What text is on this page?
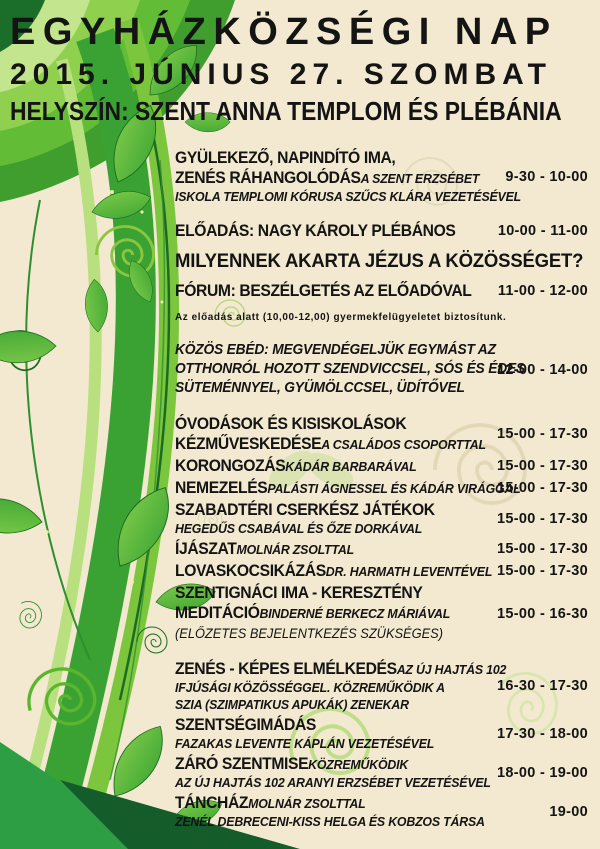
EGYHÁZKÖZSÉGI NAP
2015. JÚNIUS 27. SZOMBAT
HELYSZÍN: SZENT ANNA TEMPLOM ÉS PLÉBÁNIA
GYÜLEKEZŐ, NAPINDÍTÓ IMA,
ZENÉS RÁHANGOLÓDÁSA SZENT ERZSÉBET
ISKOLA TEMPLOMI KÓRUSA SZŰCS KLÁRA VEZETÉSÉVEL
9-30 - 10-00
ELŐADÁS: NAGY KÁROLY PLÉBÁNOS	10-00 - 11-00
MILYENNEK AKARTA JÉZUS A KÖZÖSSÉGET?
FÓRUM: BESZÉLGETÉS AZ ELŐADÓVAL 11-00 - 12-00
Az előadás alatt (10,00-12,00) gyermekfelügyeletet biztosítunk.
KÖZÖS EBÉD: MEGVENDÉGELJÜK EGYMÁST AZ
OTTHONRÓL HOZOTT SZENDVICCSEL, SÓS ÉS ÉDES
SÜTEMÉNNYEL, GYÜMÖLCCSEL, ÜDÍTŐVEL
12-00 - 14-00
ÓVODÁSOK ÉS KISISKOLÁSOK
KÉZMŰVESKEDÉSEA CSALÁDOS CSOPORTTAL
15-00 - 17-30
KORONGOZÁSKÁDÁR BARBARÁVAL	15-00 - 17-30
NEMEZELÉSPALÁSTI ÁGNESSEL ÉS KÁDÁR VIRÁGGAL
15-00 - 17-30
SZABADTÉRI CSERKÉSZ JÁTÉKOK
HEGEDŰS CSABÁVAL ÉS ŐZE DORKÁVAL
15-00 - 17-30
ÍJÁSZATMOLNÁR ZSOLTTAL	15-00 - 17-30
LOVASKOCSIKÁZÁSDR. HARMATH LEVENTÉVEL 15-00 - 17-30
SZENTIGNÁCI IMA - KERESZTÉNY
MEDITÁCIÓBINDERNÉ BERKECZ MÁRIÁVAL	15-00 - 16-30
(ELŐZETES BEJELENTKEZÉS SZÜKSÉGES)
ZENÉS - KÉPES ELMÉLKEDÉSAZ ÚJ HAJTÁS 102
IFJÚSÁGI KÖZÖSSÉGGEL. KÖZREMŰKÖDIK A
SZIA (SZIMPATIKUS APUKÁK) ZENEKAR
16-30 - 17-30
SZENTSÉGIMÁDÁS
FAZAKAS LEVENTE KÁPLÁN VEZETÉSÉVEL
17-30 - 18-00
ZÁRÓ SZENTMISEKÖZREMŰKÖDIK
AZ ÚJ HAJTÁS 102 ARANYI ERZSÉBET VEZETÉSÉVEL
18-00 - 19-00
TÁNCHÁZMOLNÁR ZSOLTTAL
ZENÉL DEBRECENI-KISS HELGA ÉS KOBZOS TÁRSA
19-00
